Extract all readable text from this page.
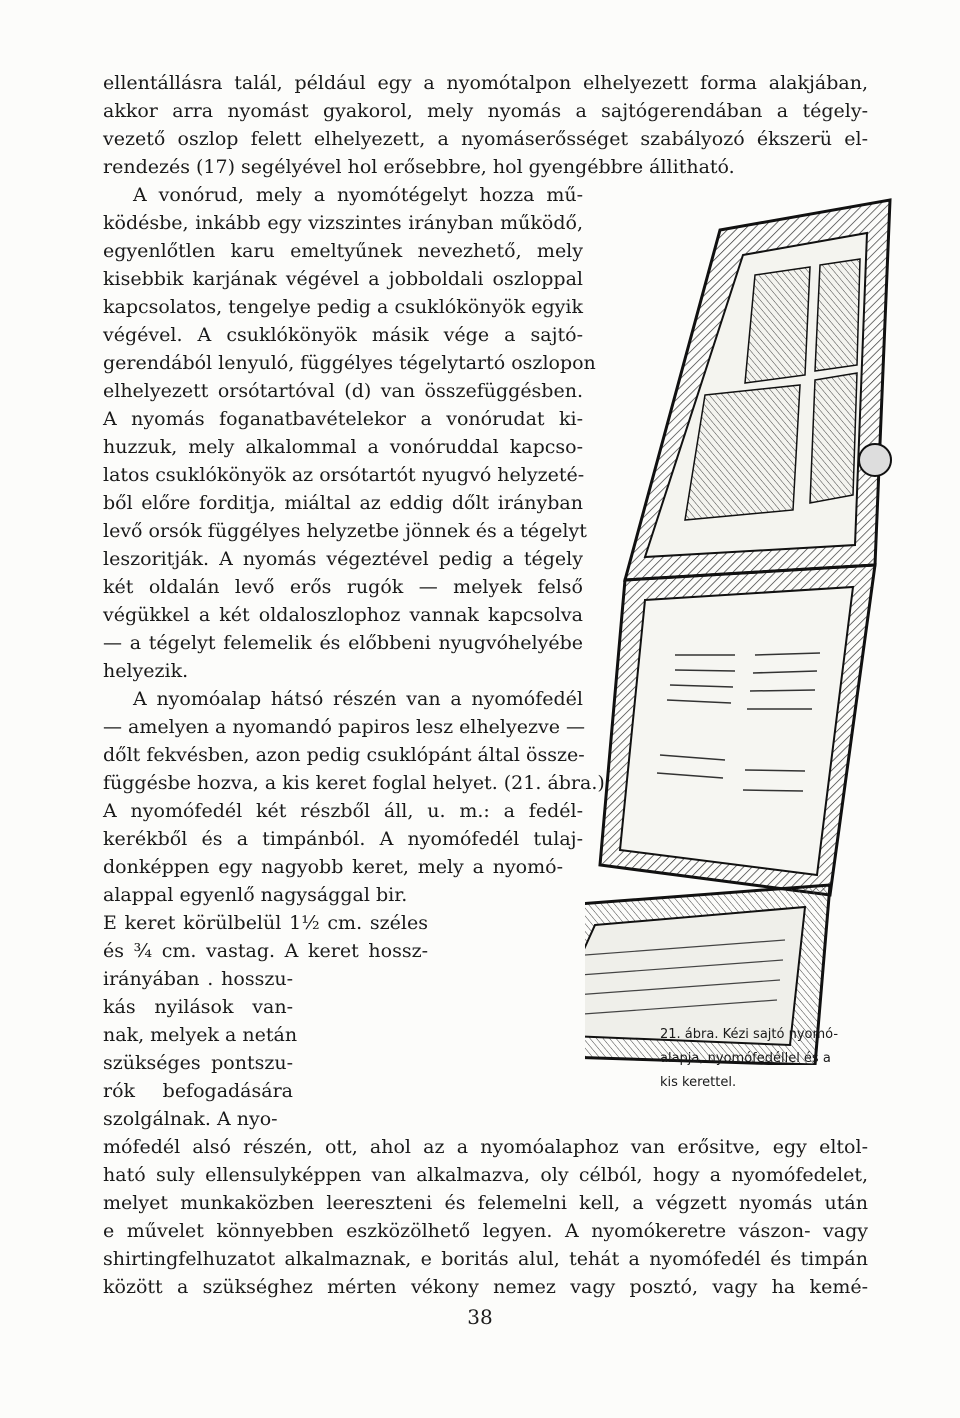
ellentállásra talál, például egy a nyomótalpon elhelyezett forma alakjában,
akkor arra nyomást gyakorol, mely nyomás a sajtógerendában a tégely-
vezető oszlop felett elhelyezett, a nyomáserősséget szabályozó ékszerü el-
rendezés (17) segélyével hol erősebbre, hol gyengébbre állitható.
A vonórud, mely a nyomótégelyt hozza mű-
ködésbe, inkább egy vizszintes irányban működő,
egyenlőtlen karu emeltyűnek nevezhető, mely
kisebbik karjának végével a jobboldali oszloppal
kapcsolatos, tengelye pedig a csuklókönyök egyik
végével. A csuklókönyök másik vége a sajtó-
gerendából lenyuló, függélyes tégelytartó oszlopon
elhelyezett orsótartóval (d) van összefüggésben.
A nyomás foganatbavételekor a vonórudat ki-
huzzuk, mely alkalommal a vonóruddal kapcso-
latos csuklókönyök az orsótartót nyugvó helyzeté-
ből előre forditja, miáltal az eddig dőlt irányban
levő orsók függélyes helyzetbe jönnek és a tégelyt
leszoritják. A nyomás végeztével pedig a tégely
két oldalán levő erős rugók — melyek felső
végükkel a két oldaloszlophoz vannak kapcsolva
— a tégelyt felemelik és előbbeni nyugvóhelyébe
helyezik.
A nyomóalap hátsó részén van a nyomófedél
— amelyen a nyomandó papiros lesz elhelyezve —
dőlt fekvésben, azon pedig csuklópánt által össze-
függésbe hozva, a kis keret foglal helyet. (21. ábra.)
A nyomófedél két részből áll, u. m.: a fedél-
kerékből és a timpánból. A nyomófedél tulaj-
donképpen egy nagyobb keret, mely a nyomó-
alappal egyenlő nagysággal bir.
E keret körülbelül 1½ cm. széles
és ¾ cm. vastag. A keret hossz-
irányában . hosszu-
kás nyilások van-
nak, melyek a netán
szükséges pontszu-
rók befogadására
szolgálnak. A nyo-
mófedél alsó részén, ott, ahol az a nyomóalaphoz van erősitve, egy eltol-
ható suly ellensulyképpen van alkalmazva, oly célból, hogy a nyomófedelet,
melyet munkaközben leereszteni és felemelni kell, a végzett nyomás után
e művelet könnyebben eszközölhető legyen. A nyomókeretre vászon- vagy
shirtingfelhuzatot alkalmaznak, e boritás alul, tehát a nyomófedél és timpán
között a szükséghez mérten vékony nemez vagy posztó, vagy ha kemé-
21. ábra. Kézi sajtó nyomó-
alapja, nyomófedéllel és a
kis kerettel.
38
